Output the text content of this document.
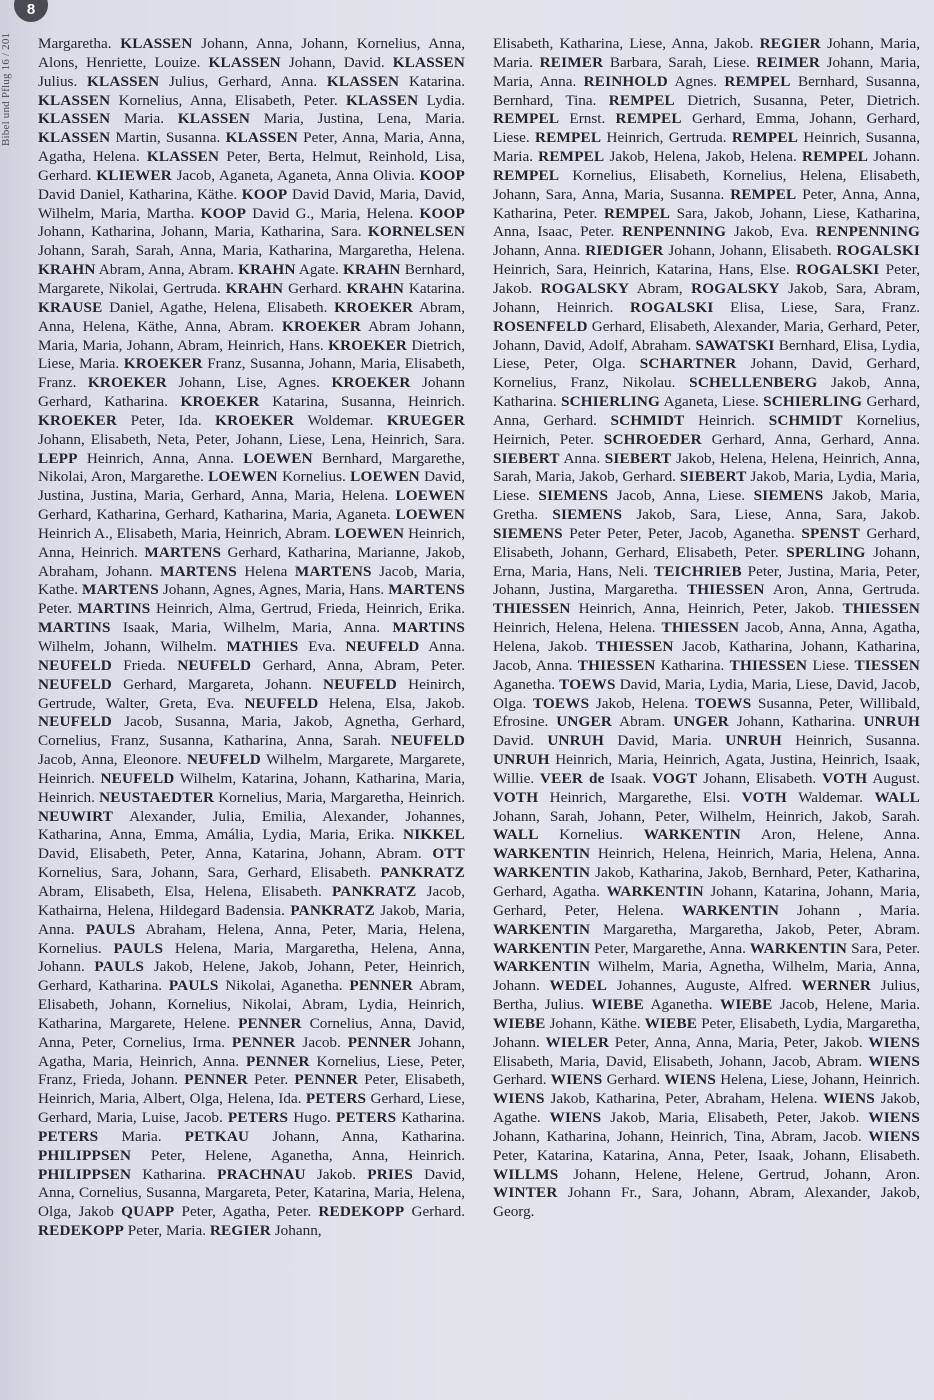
8
Bibel und Pflug 16 / 201	Margaretha. KLASSEN Johann, Anna, Johann, Kornelius, Anna, Alons, Henriette, Louize. KLASSEN Johann, David. KLASSEN Julius. KLASSEN Julius, Gerhard, Anna. KLASSEN Katarina. KLASSEN Kornelius, Anna, Elisabeth, Peter. KLASSEN Lydia. KLASSEN Maria. KLASSEN Maria, Justina, Lena, Maria. KLASSEN Martin, Susanna. KLASSEN Peter, Anna, Maria, Anna, Agatha, Helena. KLASSEN Peter, Berta, Helmut, Reinhold, Lisa, Gerhard. KLIEWER Jacob, Aganeta, Aganeta, Anna Olivia. KOOP David Daniel, Katharina, Käthe. KOOP David David, Maria, David, Wilhelm, Maria, Martha. KOOP David G., Maria, Helena. KOOP Johann, Katharina, Johann, Maria, Katharina, Sara. KORNELSEN Johann, Sarah, Sarah, Anna, Maria, Katharina, Margaretha, Helena. KRAHN Abram, Anna, Abram. KRAHN Agate. KRAHN Bernhard, Margarete, Nikolai, Gertruda. KRAHN Gerhard. KRAHN Katarina. KRAUSE Daniel, Agathe, Helena, Elisabeth. KROEKER Abram, Anna, Helena, Käthe, Anna, Abram. KROEKER Abram Johann, Maria, Maria, Johann, Abram, Heinrich, Hans. KROEKER Dietrich, Liese, Maria. KROEKER Franz, Susanna, Johann, Maria, Elisabeth, Franz. KROEKER Johann, Lise, Agnes. KROEKER Johann Gerhard, Katharina. KROEKER Katarina, Susanna, Heinrich. KROEKER Peter, Ida. KROEKER Woldemar. KRUEGER Johann, Elisabeth, Neta, Peter, Johann, Liese, Lena, Heinrich, Sara. LEPP Heinrich, Anna, Anna. LOEWEN Bernhard, Margarethe, Nikolai, Aron, Margarethe. LOEWEN Kornelius. LOEWEN David, Justina, Justina, Maria, Gerhard, Anna, Maria, Helena. LOEWEN Gerhard, Katharina, Gerhard, Katharina, Maria, Aganeta. LOEWEN Heinrich A., Elisabeth, Maria, Heinrich, Abram. LOEWEN Heinrich, Anna, Heinrich. MARTENS Gerhard, Katharina, Marianne, Jakob, Abraham, Johann. MARTENS Helena MARTENS Jacob, Maria, Kathe. MARTENS Johann, Agnes, Agnes, Maria, Hans. MARTENS Peter. MARTINS Heinrich, Alma, Gertrud, Frieda, Heinrich, Erika. MARTINS Isaak, Maria, Wilhelm, Maria, Anna. MARTINS Wilhelm, Johann, Wilhelm. MATHIES Eva. NEUFELD Anna. NEUFELD Frieda. NEUFELD Gerhard, Anna, Abram, Peter. NEUFELD Gerhard, Margareta, Johann. NEUFELD Heinirch, Gertrude, Walter, Greta, Eva. NEUFELD Helena, Elsa, Jakob. NEUFELD Jacob, Susanna, Maria, Jakob, Agnetha, Gerhard, Cornelius, Franz, Susanna, Katharina, Anna, Sarah. NEUFELD Jacob, Anna, Eleonore. NEUFELD Wilhelm, Margarete, Margarete, Heinrich. NEUFELD Wilhelm, Katarina, Johann, Katharina, Maria, Heinrich. NEUSTAEDTER Kornelius, Maria, Margaretha, Heinrich. NEUWIRT Alexander, Julia, Emilia, Alexander, Johannes, Katharina, Anna, Emma, Amália, Lydia, Maria, Erika. NIKKEL David, Elisabeth, Peter, Anna, Katarina, Johann, Abram. OTT Kornelius, Sara, Johann, Sara, Gerhard, Elisabeth. PANKRATZ Abram, Elisabeth, Elsa, Helena, Elisabeth. PANKRATZ Jacob, Kathairna, Helena, Hildegard Badensia. PANKRATZ Jakob, Maria, Anna. PAULS Abraham, Helena, Anna, Peter, Maria, Helena, Kornelius. PAULS Helena, Maria, Margaretha, Helena, Anna, Johann. PAULS Jakob, Helene, Jakob, Johann, Peter, Heinrich, Gerhard, Katharina. PAULS Nikolai, Aganetha. PENNER Abram, Elisabeth, Johann, Kornelius, Nikolai, Abram, Lydia, Heinrich, Katharina, Margarete, Helene. PENNER Cornelius, Anna, David, Anna, Peter, Cornelius, Irma. PENNER Jacob. PENNER Johann, Agatha, Maria, Heinrich, Anna. PENNER Kornelius, Liese, Peter, Franz, Frieda, Johann. PENNER Peter. PENNER Peter, Elisabeth, Heinrich, Maria, Albert, Olga, Helena, Ida. PETERS Gerhard, Liese, Gerhard, Maria, Luise, Jacob. PETERS Hugo. PETERS Katharina. PETERS Maria. PETKAU Johann, Anna, Katharina. PHILIPPSEN Peter, Helene, Aganetha, Anna, Heinrich. PHILIPPSEN Katharina. PRACHNAU Jakob. PRIES David, Anna, Cornelius, Susanna, Margareta, Peter, Katarina, Maria, Helena, Olga, Jakob QUAPP Peter, Agatha, Peter. REDEKOPP Gerhard. REDEKOPP Peter, Maria. REGIER Johann,
Elisabeth, Katharina, Liese, Anna, Jakob. REGIER Johann, Maria, Maria. REIMER Barbara, Sarah, Liese. REIMER Johann, Maria, Maria, Anna. REINHOLD Agnes. REMPEL Bernhard, Susanna, Bernhard, Tina. REMPEL Dietrich, Susanna, Peter, Dietrich. REMPEL Ernst. REMPEL Gerhard, Emma, Johann, Gerhard, Liese. REMPEL Heinrich, Gertruda. REMPEL Heinrich, Susanna, Maria. REMPEL Jakob, Helena, Jakob, Helena. REMPEL Johann. REMPEL Kornelius, Elisabeth, Kornelius, Helena, Elisabeth, Johann, Sara, Anna, Maria, Susanna. REMPEL Peter, Anna, Anna, Katharina, Peter. REMPEL Sara, Jakob, Johann, Liese, Katharina, Anna, Isaac, Peter. RENPENNING Jakob, Eva. RENPENNING Johann, Anna. RIEDIGER Johann, Johann, Elisabeth. ROGALSKI Heinrich, Sara, Heinrich, Katarina, Hans, Else. ROGALSKI Peter, Jakob. ROGALSKY Abram, ROGALSKY Jakob, Sara, Abram, Johann, Heinrich. ROGALSKI Elisa, Liese, Sara, Franz. ROSENFELD Gerhard, Elisabeth, Alexander, Maria, Gerhard, Peter, Johann, David, Adolf, Abraham. SAWATSKI Bernhard, Elisa, Lydia, Liese, Peter, Olga. SCHARTNER Johann, David, Gerhard, Kornelius, Franz, Nikolau. SCHELLENBERG Jakob, Anna, Katharina. SCHIERLING Aganeta, Liese. SCHIERLING Gerhard, Anna, Gerhard. SCHMIDT Heinrich. SCHMIDT Kornelius, Heirnich, Peter. SCHROEDER Gerhard, Anna, Gerhard, Anna. SIEBERT Anna. SIEBERT Jakob, Helena, Helena, Heinrich, Anna, Sarah, Maria, Jakob, Gerhard. SIEBERT Jakob, Maria, Lydia, Maria, Liese. SIEMENS Jacob, Anna, Liese. SIEMENS Jakob, Maria, Gretha. SIEMENS Jakob, Sara, Liese, Anna, Sara, Jakob. SIEMENS Peter Peter, Peter, Jacob, Aganetha. SPENST Gerhard, Elisabeth, Johann, Gerhard, Elisabeth, Peter. SPERLING Johann, Erna, Maria, Hans, Neli. TEICHRIEB Peter, Justina, Maria, Peter, Johann, Justina, Margaretha. THIESSEN Aron, Anna, Gertruda. THIESSEN Heinrich, Anna, Heinrich, Peter, Jakob. THIESSEN Heinrich, Helena, Helena. THIESSEN Jacob, Anna, Anna, Agatha, Helena, Jakob. THIESSEN Jacob, Katharina, Johann, Katharina, Jacob, Anna. THIESSEN Katharina. THIESSEN Liese. TIESSEN Aganetha. TOEWS David, Maria, Lydia, Maria, Liese, David, Jacob, Olga. TOEWS Jakob, Helena. TOEWS Susanna, Peter, Willibald, Efrosine. UNGER Abram. UNGER Johann, Katharina. UNRUH David. UNRUH David, Maria. UNRUH Heinrich, Susanna. UNRUH Heinrich, Maria, Heinrich, Agata, Justina, Heinrich, Isaak, Willie. VEER de Isaak. VOGT Johann, Elisabeth. VOTH August. VOTH Heinrich, Margarethe, Elsi. VOTH Waldemar. WALL Johann, Sarah, Johann, Peter, Wilhelm, Heinrich, Jakob, Sarah. WALL Kornelius. WARKENTIN Aron, Helene, Anna. WARKENTIN Heinrich, Helena, Heinrich, Maria, Helena, Anna. WARKENTIN Jakob, Katharina, Jakob, Bernhard, Peter, Katharina, Gerhard, Agatha. WARKENTIN Johann, Katarina, Johann, Maria, Gerhard, Peter, Helena. WARKENTIN Johann , Maria. WARKENTIN Margaretha, Margaretha, Jakob, Peter, Abram. WARKENTIN Peter, Margarethe, Anna. WARKENTIN Sara, Peter. WARKENTIN Wilhelm, Maria, Agnetha, Wilhelm, Maria, Anna, Johann. WEDEL Johannes, Auguste, Alfred. WERNER Julius, Bertha, Julius. WIEBE Aganetha. WIEBE Jacob, Helene, Maria. WIEBE Johann, Käthe. WIEBE Peter, Elisabeth, Lydia, Margaretha, Johann. WIELER Peter, Anna, Anna, Maria, Peter, Jakob. WIENS Elisabeth, Maria, David, Elisabeth, Johann, Jacob, Abram. WIENS Gerhard. WIENS Gerhard. WIENS Helena, Liese, Johann, Heinrich. WIENS Jakob, Katharina, Peter, Abraham, Helena. WIENS Jakob, Agathe. WIENS Jakob, Maria, Elisabeth, Peter, Jakob. WIENS Johann, Katharina, Johann, Heinrich, Tina, Abram, Jacob. WIENS Peter, Katarina, Katarina, Anna, Peter, Isaak, Johann, Elisabeth. WILLMS Johann, Helene, Helene, Gertrud, Johann, Aron. WINTER Johann Fr., Sara, Johann, Abram, Alexander, Jakob, Georg.
